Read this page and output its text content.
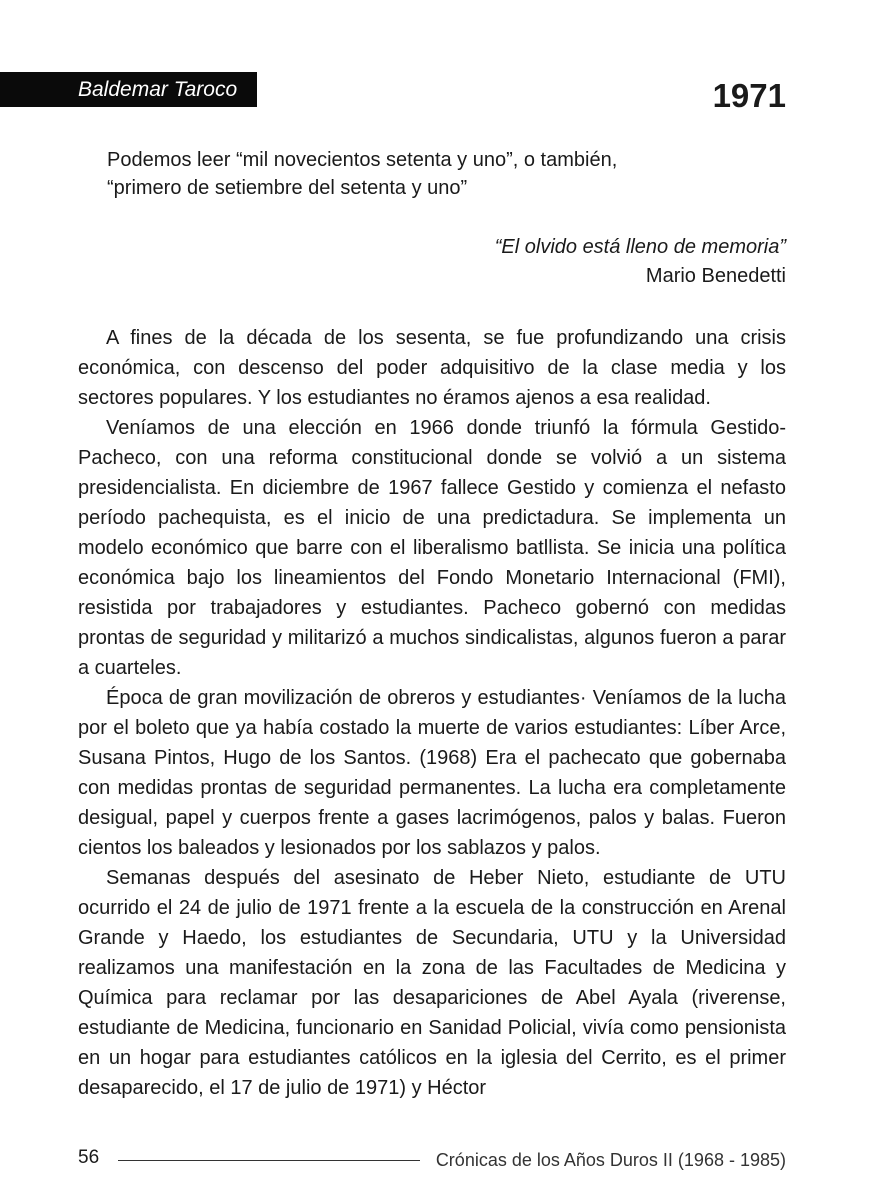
Baldemar Taroco	1971

Podemos leer “mil novecientos setenta y uno”, o también,

“primero de setiembre del setenta y uno”

“El olvido está lleno de memoria”
Mario Benedetti

A fines de la década de los sesenta, se fue profundizando una crisis económica, con descenso del poder adquisitivo de la clase media y los sectores populares. Y los estudiantes no éramos ajenos a esa realidad.

Veníamos de una elección en 1966 donde triunfó la fórmula Gestido-Pacheco, con una reforma constitucional donde se volvió a un sistema presidencialista. En diciembre de 1967 fallece Gestido y comienza el nefasto período pachequista, es el inicio de una predictadura. Se implementa un modelo económico que barre con el liberalismo batllista. Se inicia una política económica bajo los lineamientos del Fondo Monetario Internacional (FMI), resistida por trabajadores y estudiantes. Pacheco gobernó con medidas prontas de seguridad y militarizó a muchos sindicalistas, algunos fueron a parar a cuarteles.

Época de gran movilización de obreros y estudiantes· Veníamos de la lucha por el boleto que ya había costado la muerte de varios estudiantes: Líber Arce, Susana Pintos, Hugo de los Santos. (1968) Era el pachecato que gobernaba con medidas prontas de seguridad permanentes. La lucha era completamente desigual, papel y cuerpos frente a gases lacrimógenos, palos y balas. Fueron cientos los baleados y lesionados por los sablazos y palos.

Semanas después del asesinato de Heber Nieto, estudiante de UTU ocurrido el 24 de julio de 1971 frente a la escuela de la construcción en Arenal Grande y Haedo, los estudiantes de Secundaria, UTU y la Universidad realizamos una manifestación en la zona de las Facultades de Medicina y Química para reclamar por las desapariciones de Abel Ayala (riverense, estudiante de Medicina, funcionario en Sanidad Policial, vivía como pensionista en un hogar para estudiantes católicos en la iglesia del Cerrito, es el primer desaparecido, el 17 de julio de 1971) y Héctor

56	Crónicas de los Años Duros II (1968 - 1985)
